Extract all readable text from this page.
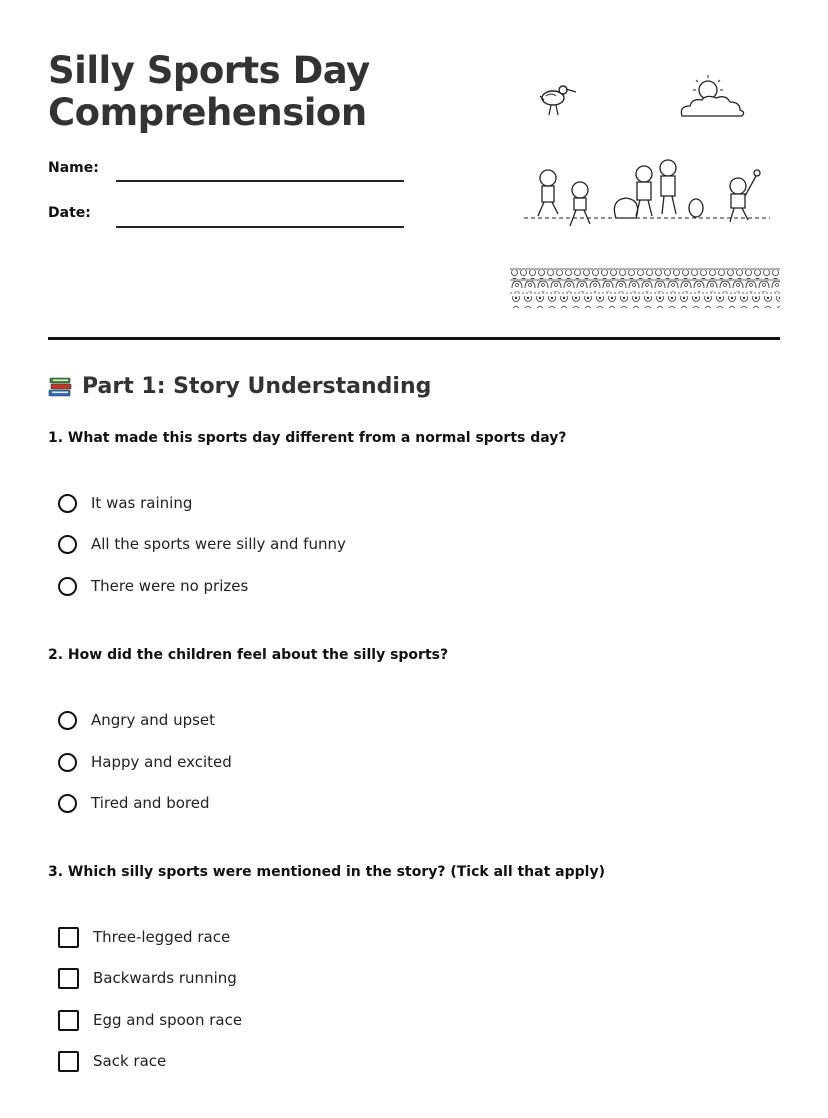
Silly Sports Day Comprehension
Name:
Date:
Part 1: Story Understanding

1. What made this sports day different from a normal sports day?

It was raining
All the sports were silly and funny
There were no prizes

2. How did the children feel about the silly sports?

Angry and upset
Happy and excited
Tired and bored

3. Which silly sports were mentioned in the story? (Tick all that apply)

Three-legged race
Backwards running
Egg and spoon race
Sack race
